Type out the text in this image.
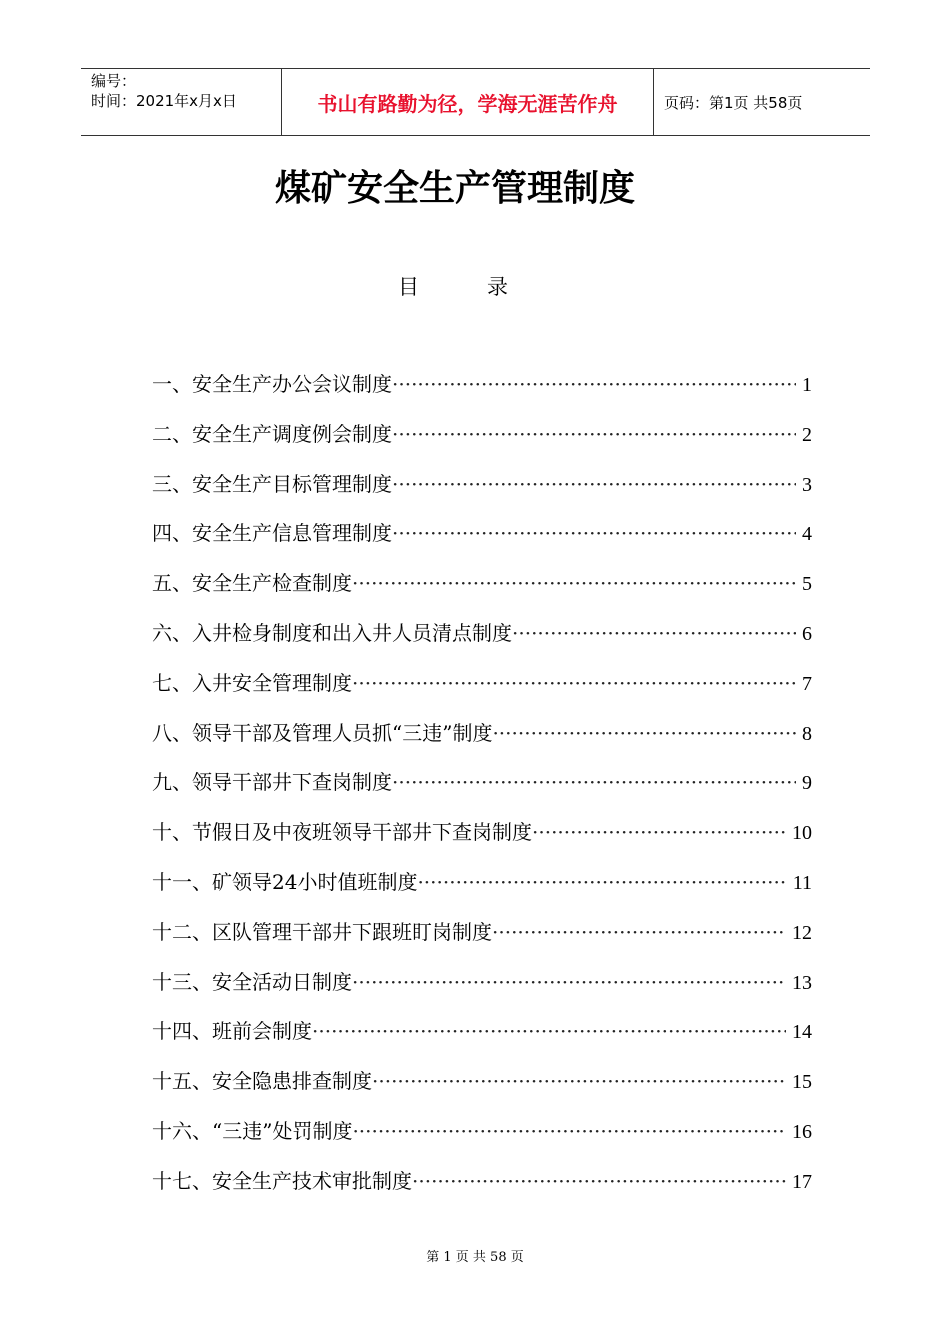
编号：
时间：2021年x月x日	书山有路勤为径，学海无涯苦作舟	页码：第1页 共58页
煤矿安全生产管理制度
目	录
一、安全生产办公会议制度 ·····	1
二、安全生产调度例会制度 ·····	2
三、安全生产目标管理制度 ·····	3
四、安全生产信息管理制度 ·····	4
五、安全生产检查制度 ·····	5
六、入井检身制度和出入井人员清点制度 ·····	6
七、入井安全管理制度 ·····	7
八、领导干部及管理人员抓“三违”制度 ·····	8
九、领导干部井下查岗制度 ·····	9
十、节假日及中夜班领导干部井下查岗制度 ·····	10
十一、矿领导24小时值班制度 ·····	11
十二、区队管理干部井下跟班盯岗制度 ·····	12
十三、安全活动日制度 ·····	13
十四、班前会制度 ·····	14
十五、安全隐患排查制度 ·····	15
十六、“三违”处罚制度 ·····	16
十七、安全生产技术审批制度 ·····	17
第 1 页 共 58 页
